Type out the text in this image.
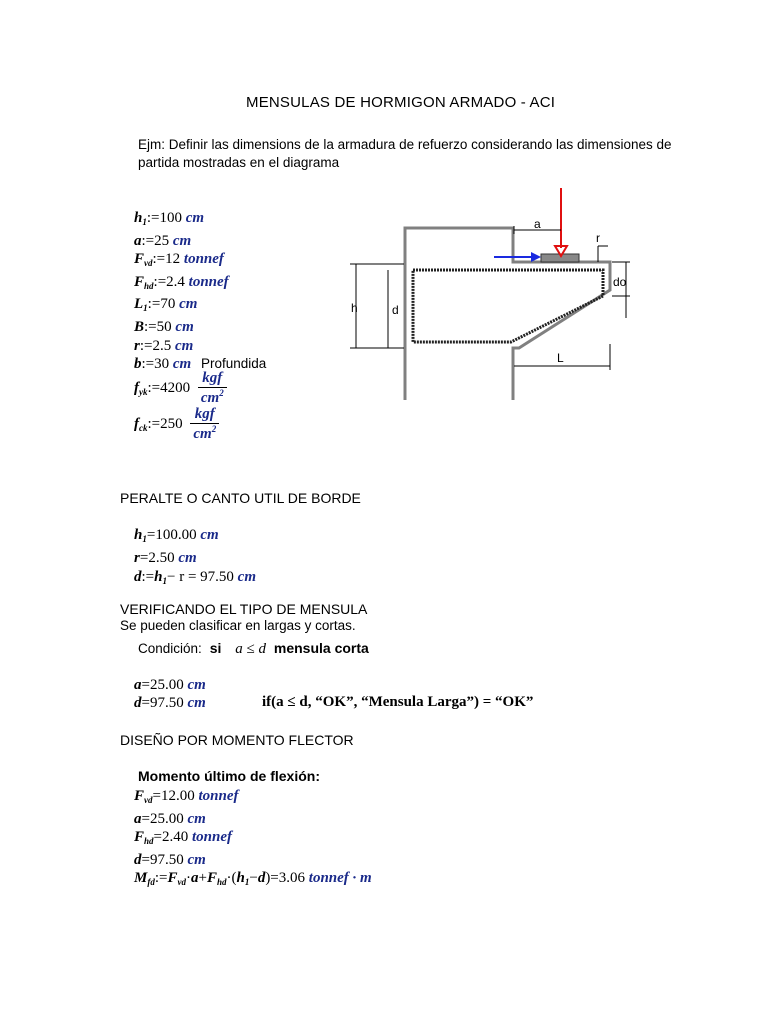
MENSULAS DE HORMIGON ARMADO - ACI
Ejm: Definir las dimensions de la armadura de refuerzo considerando las dimensiones de partida mostradas en el diagrama
$h_1:=100$ cm
a:=25 cm
$F_{vd}:=12$ tonnef
$F_{hd}:=2.4$ tonnef
$L_1:=70$ cm
B:=50 cm
r:=2.5 cm
b:=30 cm Profundida
$f_{yk}:=4200 \frac{\text{kgf}}{cm^2}$
$f_{ck}:=250 \frac{\text{kgf}}{cm^2}$
a
r
do
h	d
L
PERALTE O CANTO UTIL DE BORDE
$h_1=100.00$ cm
r=2.50 cm
$d:=h_1- r = 97.50$ cm
VERIFICANDO EL TIPO DE MENSULA
Se pueden clasificar en largas y cortas.
Condición: si a ≤ d mensula corta
a=25.00 cm
d=97.50 cm	if(a ≤ d, “OK”, “Mensula Larga”) = “OK”
DISEÑO POR MOMENTO FLECTOR
Momento último de flexión:
$F_{vd}=12.00$ tonnef
a=25.00 cm
$F_{hd}=2.40$ tonnef
d=97.50 cm
$M_{fd}:=F_{vd}\cdot a+F_{hd}\cdot(h_1-d)=3.06$ tonnef · m
